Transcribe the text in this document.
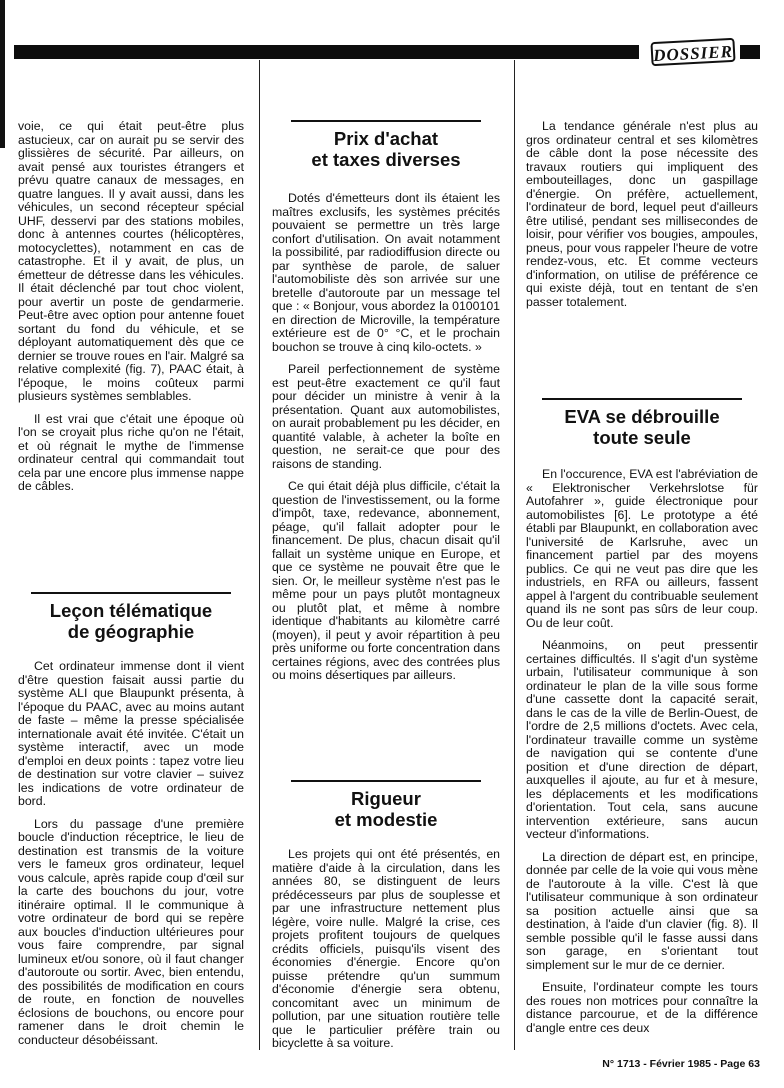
DOSSIER

voie, ce qui était peut-être plus astucieux, car on aurait pu se servir des glissières de sécurité. Par ailleurs, on avait pensé aux touristes étrangers et prévu quatre canaux de messages, en quatre langues. Il y avait aussi, dans les véhicules, un second récepteur spécial UHF, desservi par des stations mobiles, donc à antennes courtes (hélicoptères, motocyclettes), notamment en cas de catastrophe. Et il y avait, de plus, un émetteur de détresse dans les véhicules. Il était déclenché par tout choc violent, pour avertir un poste de gendarmerie. Peut-être avec option pour antenne fouet sortant du fond du véhicule, et se déployant automatiquement dès que ce dernier se trouve roues en l'air. Malgré sa relative complexité (fig. 7), PAAC était, à l'époque, le moins coûteux parmi plusieurs systèmes semblables.

Il est vrai que c'était une époque où l'on se croyait plus riche qu'on ne l'était, et où régnait le mythe de l'immense ordinateur central qui commandait tout cela par une encore plus immense nappe de câbles.

Leçon télématique
de géographie

Cet ordinateur immense dont il vient d'être question faisait aussi partie du système ALI que Blaupunkt présenta, à l'époque du PAAC, avec au moins autant de faste – même la presse spécialisée internationale avait été invitée. C'était un système interactif, avec un mode d'emploi en deux points : tapez votre lieu de destination sur votre clavier – suivez les indications de votre ordinateur de bord.

Lors du passage d'une première boucle d'induction réceptrice, le lieu de destination est transmis de la voiture vers le fameux gros ordinateur, lequel vous calcule, après rapide coup d'œil sur la carte des bouchons du jour, votre itinéraire optimal. Il le communique à votre ordinateur de bord qui se repère aux boucles d'induction ultérieures pour vous faire comprendre, par signal lumineux et/ou sonore, où il faut changer d'autoroute ou sortir. Avec, bien entendu, des possibilités de modification en cours de route, en fonction de nouvelles éclosions de bouchons, ou encore pour ramener dans le droit chemin le conducteur désobéissant.

Prix d'achat
et taxes diverses

Dotés d'émetteurs dont ils étaient les maîtres exclusifs, les systèmes précités pouvaient se permettre un très large confort d'utilisation. On avait notamment la possibilité, par radiodiffusion directe ou par synthèse de parole, de saluer l'automobiliste dès son arrivée sur une bretelle d'autoroute par un message tel que : « Bonjour, vous abordez la 0100101 en direction de Microville, la température extérieure est de 0° °C, et le prochain bouchon se trouve à cinq kilo-octets. »

Pareil perfectionnement de système est peut-être exactement ce qu'il faut pour décider un ministre à venir à la présentation. Quant aux automobilistes, on aurait probablement pu les décider, en quantité valable, à acheter la boîte en question, ne serait-ce que pour des raisons de standing.

Ce qui était déjà plus difficile, c'était la question de l'investissement, ou la forme d'impôt, taxe, redevance, abonnement, péage, qu'il fallait adopter pour le financement. De plus, chacun disait qu'il fallait un système unique en Europe, et que ce système ne pouvait être que le sien. Or, le meilleur système n'est pas le même pour un pays plutôt montagneux ou plutôt plat, et même à nombre identique d'habitants au kilomètre carré (moyen), il peut y avoir répartition à peu près uniforme ou forte concentration dans certaines régions, avec des contrées plus ou moins désertiques par ailleurs.

Rigueur
et modestie

Les projets qui ont été présentés, en matière d'aide à la circulation, dans les années 80, se distinguent de leurs prédécesseurs par plus de souplesse et par une infrastructure nettement plus légère, voire nulle. Malgré la crise, ces projets profitent toujours de quelques crédits officiels, puisqu'ils visent des économies d'énergie. Encore qu'on puisse prétendre qu'un summum d'économie d'énergie sera obtenu, concomitant avec un minimum de pollution, par une situation routière telle que le particulier préfère train ou bicyclette à sa voiture.

La tendance générale n'est plus au gros ordinateur central et ses kilomètres de câble dont la pose nécessite des travaux routiers qui impliquent des embouteillages, donc un gaspillage d'énergie. On préfère, actuellement, l'ordinateur de bord, lequel peut d'ailleurs être utilisé, pendant ses millisecondes de loisir, pour vérifier vos bougies, ampoules, pneus, pour vous rappeler l'heure de votre rendez-vous, etc. Et comme vecteurs d'information, on utilise de préférence ce qui existe déjà, tout en tentant de s'en passer totalement.

EVA se débrouille
toute seule

En l'occurence, EVA est l'abréviation de « Elektronischer Verkehrslotse für Autofahrer », guide électronique pour automobilistes [6]. Le prototype a été établi par Blaupunkt, en collaboration avec l'université de Karlsruhe, avec un financement partiel par des moyens publics. Ce qui ne veut pas dire que les industriels, en RFA ou ailleurs, fassent appel à l'argent du contribuable seulement quand ils ne sont pas sûrs de leur coup. Ou de leur coût.

Néanmoins, on peut pressentir certaines difficultés. Il s'agit d'un système urbain, l'utilisateur communique à son ordinateur le plan de la ville sous forme d'une cassette dont la capacité serait, dans le cas de la ville de Berlin-Ouest, de l'ordre de 2,5 millions d'octets. Avec cela, l'ordinateur travaille comme un système de navigation qui se contente d'une position et d'une direction de départ, auxquelles il ajoute, au fur et à mesure, les déplacements et les modifications d'orientation. Tout cela, sans aucune intervention extérieure, sans aucun vecteur d'informations.

La direction de départ est, en principe, donnée par celle de la voie qui vous mène de l'autoroute à la ville. C'est là que l'utilisateur communique à son ordinateur sa position actuelle ainsi que sa destination, à l'aide d'un clavier (fig. 8). Il semble possible qu'il le fasse aussi dans son garage, en s'orientant tout simplement sur le mur de ce dernier.

Ensuite, l'ordinateur compte les tours des roues non motrices pour connaître la distance parcourue, et de la différence d'angle entre ces deux

N° 1713 - Février 1985 - Page 63
